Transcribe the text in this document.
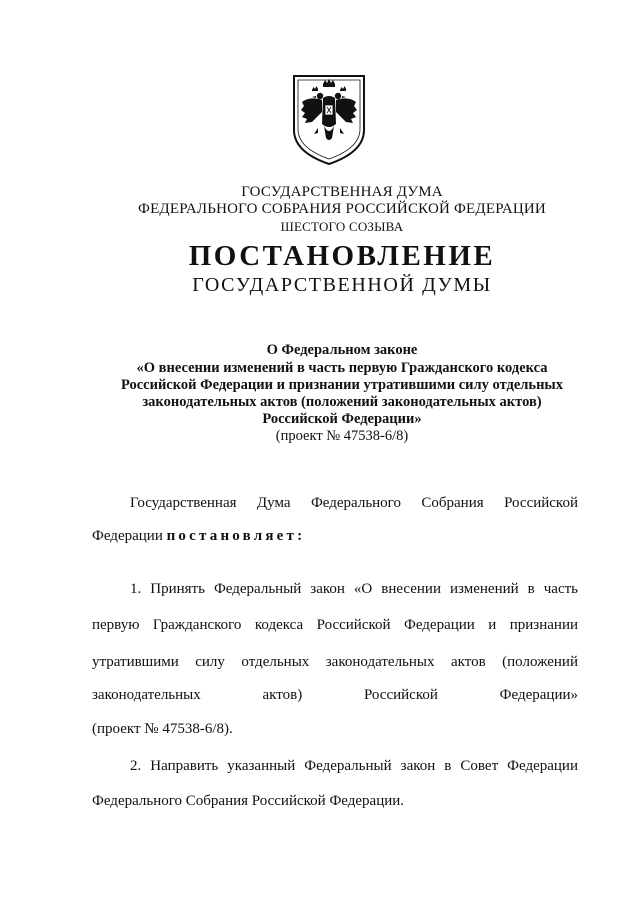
ГОСУДАРСТВЕННАЯ ДУМА
ФЕДЕРАЛЬНОГО СОБРАНИЯ РОССИЙСКОЙ ФЕДЕРАЦИИ
ШЕСТОГО СОЗЫВА
ПОСТАНОВЛЕНИЕ
ГОСУДАРСТВЕННОЙ ДУМЫ
О Федеральном законе
«О внесении изменений в часть первую Гражданского кодекса
Российской Федерации и признании утратившими силу отдельных
законодательных актов (положений законодательных актов)
Российской Федерации»
(проект № 47538-6/8)
Государственная Дума Федерального Собрания Российской
Федерации постановляет:
1. Принять Федеральный закон «О внесении изменений в часть
первую Гражданского кодекса Российской Федерации и признании
утратившими силу отдельных законодательных актов (положений
законодательных актов) Российской Федерации»
(проект № 47538-6/8).
2. Направить указанный Федеральный закон в Совет Федерации
Федерального Собрания Российской Федерации.
